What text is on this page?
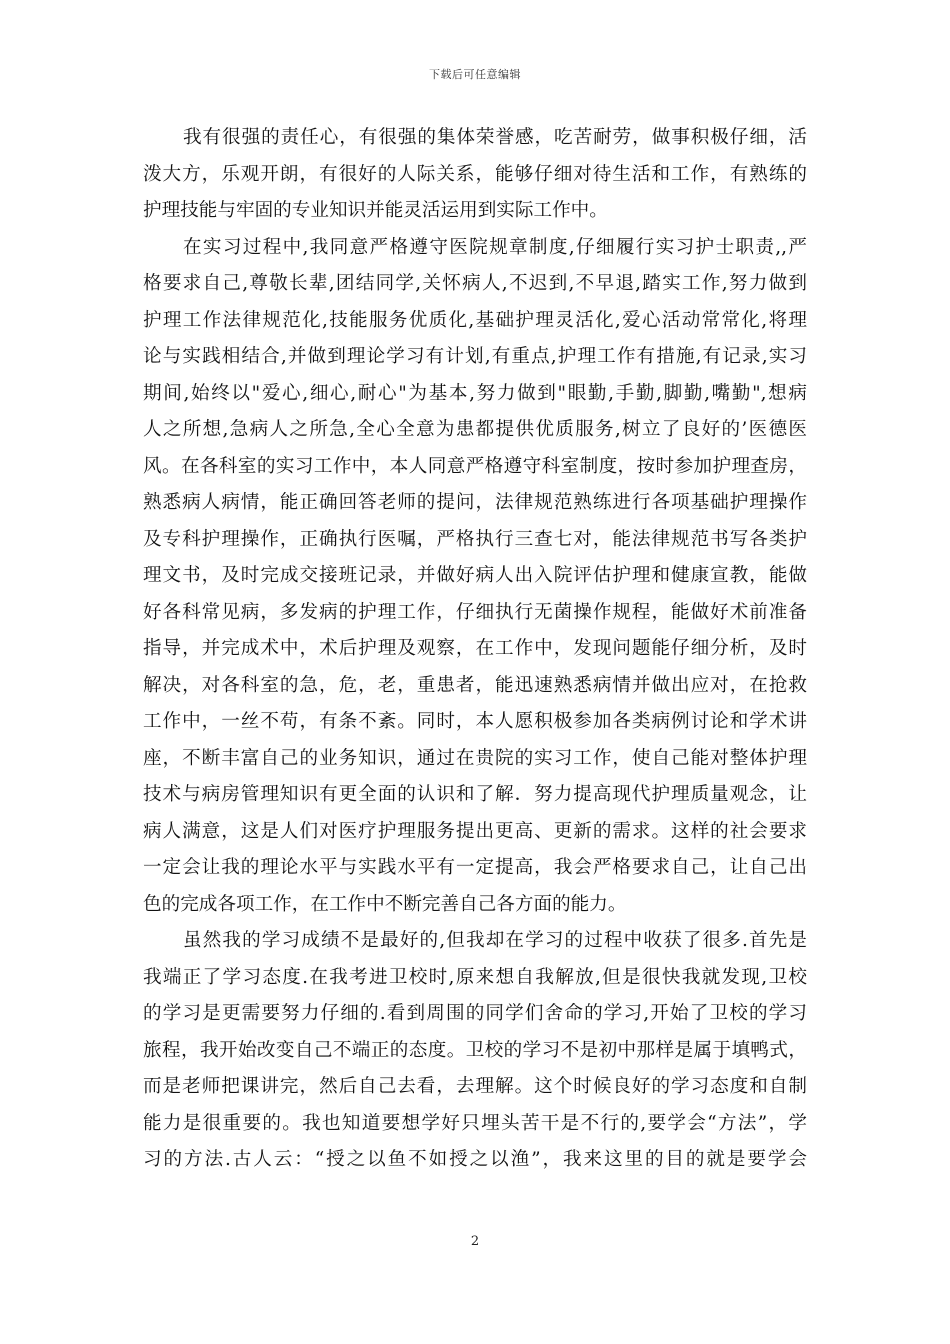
下载后可任意编辑
我有很强的责任心，有很强的集体荣誉感，吃苦耐劳，做事积极仔细，活
泼大方，乐观开朗，有很好的人际关系，能够仔细对待生活和工作，有熟练的
护理技能与牢固的专业知识并能灵活运用到实际工作中。
在实习过程中,我同意严格遵守医院规章制度,仔细履行实习护士职责,,严
格要求自己,尊敬长辈,团结同学,关怀病人,不迟到,不早退,踏实工作,努力做到
护理工作法律规范化,技能服务优质化,基础护理灵活化,爱心活动常常化,将理
论与实践相结合,并做到理论学习有计划,有重点,护理工作有措施,有记录,实习
期间,始终以"爱心,细心,耐心"为基本,努力做到"眼勤,手勤,脚勤,嘴勤",想病
人之所想,急病人之所急,全心全意为患都提供优质服务,树立了良好的’医德医
风。在各科室的实习工作中，本人同意严格遵守科室制度，按时参加护理查房，
熟悉病人病情，能正确回答老师的提问，法律规范熟练进行各项基础护理操作
及专科护理操作，正确执行医嘱，严格执行三查七对，能法律规范书写各类护
理文书，及时完成交接班记录，并做好病人出入院评估护理和健康宣教，能做
好各科常见病，多发病的护理工作，仔细执行无菌操作规程，能做好术前准备
指导，并完成术中，术后护理及观察，在工作中，发现问题能仔细分析，及时
解决，对各科室的急，危，老，重患者，能迅速熟悉病情并做出应对，在抢救
工作中，一丝不苟，有条不紊。同时，本人愿积极参加各类病例讨论和学术讲
座，不断丰富自己的业务知识，通过在贵院的实习工作，使自己能对整体护理
技术与病房管理知识有更全面的认识和了解．努力提高现代护理质量观念，让
病人满意，这是人们对医疗护理服务提出更高、更新的需求。这样的社会要求
一定会让我的理论水平与实践水平有一定提高，我会严格要求自己，让自己出
色的完成各项工作，在工作中不断完善自己各方面的能力。
虽然我的学习成绩不是最好的,但我却在学习的过程中收获了很多.首先是
我端正了学习态度.在我考进卫校时,原来想自我解放,但是很快我就发现,卫校
的学习是更需要努力仔细的.看到周围的同学们舍命的学习,开始了卫校的学习
旅程，我开始改变自己不端正的态度。卫校的学习不是初中那样是属于填鸭式，
而是老师把课讲完，然后自己去看，去理解。这个时候良好的学习态度和自制
能力是很重要的。我也知道要想学好只埋头苦干是不行的,要学会“方法”，学
习的方法.古人云：“授之以鱼不如授之以渔”，我来这里的目的就是要学会
2
